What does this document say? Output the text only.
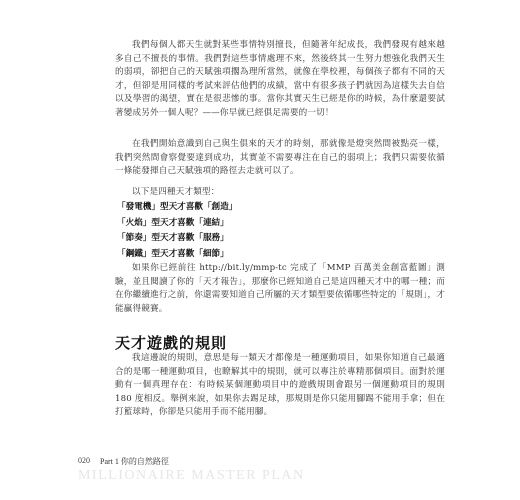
我們每個人都天生就對某些事情特別擅長，但隨著年紀成長，我們發現有越來越多自己不擅長的事情。我們對這些事情處理不來，然後終其一生努力想強化我們天生的弱項，卻把自己的天賦強項擱為理所當然，就像在學校裡，每個孩子都有不同的天才，但卻是用同樣的考試來評估他們的成績，當中有很多孩子們就因為這樣失去自信以及學習的渴望，實在是很悲慘的事。當你其實天生已經是你的時候，為什麼還要試著變成另外一個人呢？——你早就已經俱足需要的一切！

在我們開始意識到自己與生俱來的天才的時刻，那就像是燈突然間被點亮一樣，我們突然間會察覺要達到成功，其實並不需要專注在自己的弱項上；我們只需要依循一條能發揮自己天賦強項的路徑去走就可以了。

以下是四種天才類型：

「發電機」型天才喜歡「創造」
「火焰」型天才喜歡「連結」
「節奏」型天才喜歡「服務」
「鋼鐵」型天才喜歡「細節」

如果你已經前往 http://bit.ly/mmp-tc 完成了「MMP 百萬美金創富藍圖」測驗，並且閱讀了你的「天才報告」，那麼你已經知道自己是這四種天才中的哪一種；而在你繼續進行之前，你還需要知道自己所屬的天才類型要依循哪些特定的「規則」，才能贏得競賽。

天才遊戲的規則

我這邊說的規則，意思是每一類天才都像是一種運動項目，如果你知道自己最適合的是哪一種運動項目，也瞭解其中的規則，就可以專注於專精那個項目。面對於運動有一個真理存在：有時候某個運動項目中的遊戲規則會跟另一個運動項目的規則 180 度相反。舉例來說，如果你去踢足球，那規則是你只能用腳踢不能用手拿；但在打籃球時，你卻是只能用手而不能用腳。

020 Part 1 你的自然路徑
MILLIONAIRE MASTER PLAN
